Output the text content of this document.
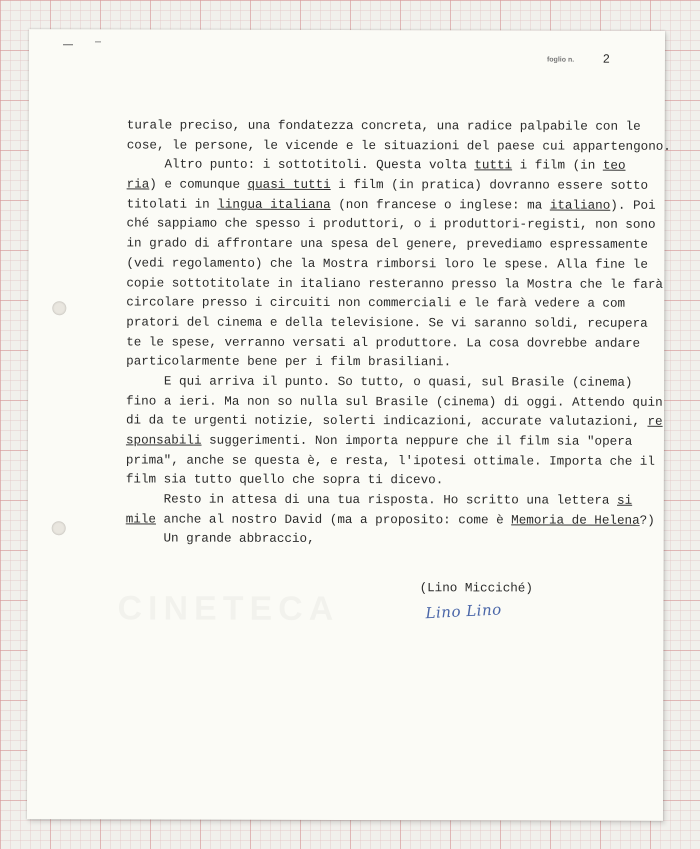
foglio n. 2
turale preciso, una fondatezza concreta, una radice palpabile con le
cose, le persone, le vicende e le situazioni del paese cui appartengono.
Altro punto: i sottotitoli. Questa volta tutti i film (in teo
ria) e comunque quasi tutti i film (in pratica) dovranno essere sotto
titolati in lingua italiana (non francese o inglese: ma italiano). Poi
ché sappiamo che spesso i produttori, o i produttori-registi, non sono
in grado di affrontare una spesa del genere, prevediamo espressamente
(vedi regolamento) che la Mostra rimborsi loro le spese. Alla fine le
copie sottotitolate in italiano resteranno presso la Mostra che le farà
circolare presso i circuiti non commerciali e le farà vedere a com
pratori del cinema e della televisione. Se vi saranno soldi, recupera
te le spese, verranno versati al produttore. La cosa dovrebbe andare
particolarmente bene per i film brasiliani.
E qui arriva il punto. So tutto, o quasi, sul Brasile (cinema)
fino a ieri. Ma non so nulla sul Brasile (cinema) di oggi. Attendo quin
di da te urgenti notizie, solerti indicazioni, accurate valutazioni, re
sponsabili suggerimenti. Non importa neppure che il film sia "opera
prima", anche se questa è, e resta, l'ipotesi ottimale. Importa che il
film sia tutto quello che sopra ti dicevo.
Resto in attesa di una tua risposta. Ho scritto una lettera si
mile anche al nostro David (ma a proposito: come è Memoria de Helena?)
Un grande abbraccio,
(Lino Micciché)
Lino Lino
